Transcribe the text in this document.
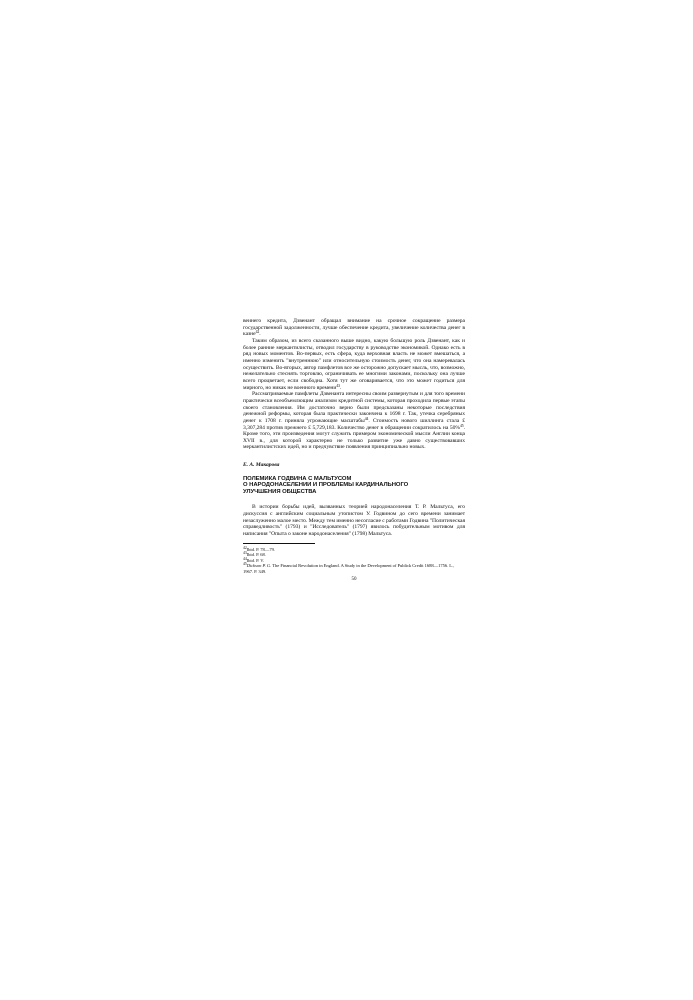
веинего кредита, Дзвенант обращал внимание на срочное сокращение размера государственной задолженности, лучше обеспечение кредита, увеличение количества денег в казне$^{42}$.

Таким образом, из всего сказанного выше видно, какую большую роль Дзвенант, как и более ранние меркантилисты, отводил государству в руководстве экономикой. Однако есть в ряд новых моментов. Во-первых, есть сфера, куда верховная власть не может вмешаться, а именно изменить "внутреннюю" или относительную стоимость денег, что она намеревалась осуществить. Во-вторых, автор памфлетов все же осторожно допускает мысль, что, возможно, нежелательно стеснять торговлю, ограничивать ее многими законами, поскольку она лучше всего процветает, если свободна. Хотя тут же оговаривается, что это может годиться для мирного, но никак не военного времени$^{43}$.

Рассматриваемые памфлеты Дзвенанта интересны своим развернутым и для того времени практически всеобъемлющим анализом кредитной системы, которая проходила первые этапы своего становления. Им достаточно верно были предсказаны некоторые последствия денежной реформы, которая была практически закончена к 1698 г. Так, утечка серебряных денег к 1708 г. приняла угрожающие масштабы$^{44}$. Стоимость нового шиллинга стала £ 3,307,284 против прежнего £ 5,729,183. Количество денег в обращении сократилось на 50%$^{45}$. Кроме того, эти произведения могут служить примером экономической мысли Англии конца XVII в., для которой характерно не только развитие уже давно существовавших меркантилистских идей, но и предчувствие появления принципиально новых.

Е. А. Макарова
ПОЛЕМИКА ГОДВИНА С МАЛЬТУСОМ
О НАРОДОНАСЕЛЕНИИ И ПРОБЛЕМЫ КАРДИНАЛЬНОГО
УЛУЧШЕНИЯ ОБЩЕСТВА

В истории борьбы идей, вызванных теорией народонаселения Т. Р. Мальтуса, его дискуссия с английским социальным утопистом У. Годвином до сего времени занимает незаслуженно малое место. Между тем именно несогласие с работами Годвина "Политическая справедливость" (1793) и "Исследователь" (1797) явилось побудительным мотивом для написания "Опыта о законе народонаселения" (1798) Мальтуса.

$^{42}$Ibid. P. 78—79.
$^{43}$Ibid. P. 68.
$^{44}$Ibid. P. V.
$^{45}$Dickson P. G. The Financial Revolution in England. A Study in the Development of Publick Credit 1688—1756. L., 1967. P. 349.
50
